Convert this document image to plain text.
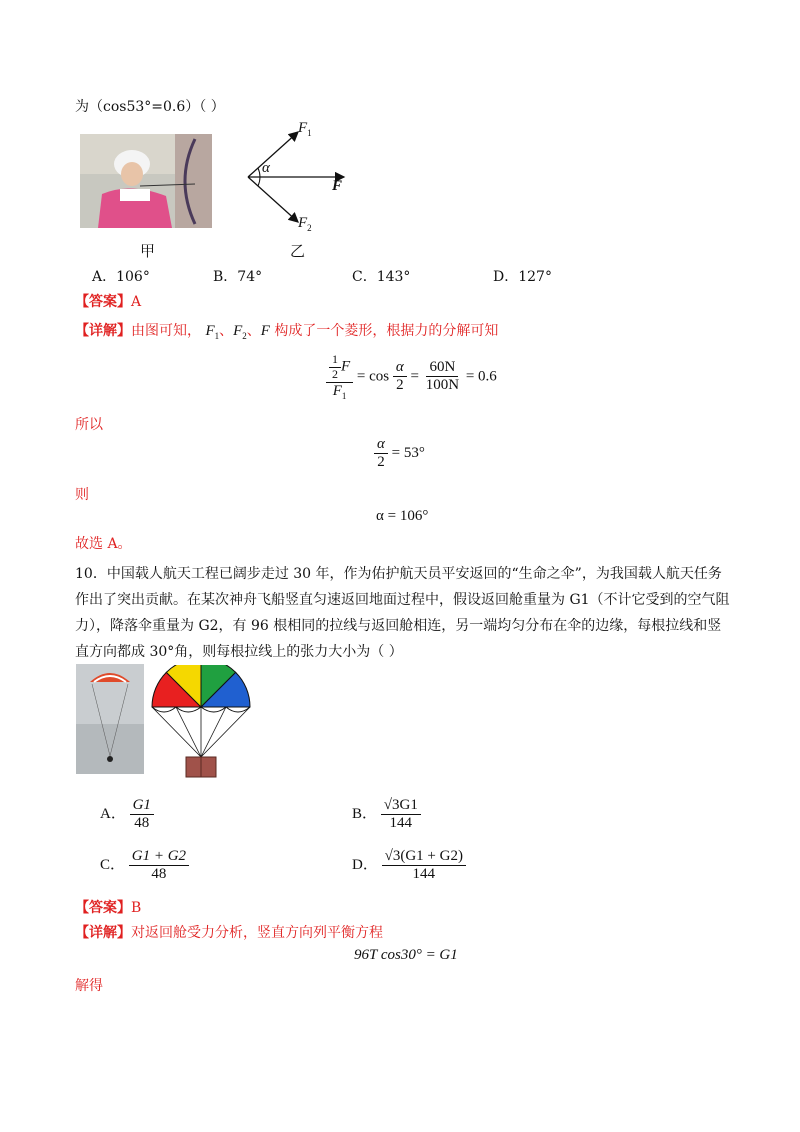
为（cos53°=0.6）（ ）
甲
$F_1$
α
F
$F_2$
乙
A．106°	B．74°	C．143°	D．127°
【答案】A
【详解】由图可知， $F_1$、$F_2$、F 构成了一个菱形，根据力的分解可知
$\frac{\frac{1}{2} F}{F_1} = \cos \frac{\alpha}{2} = \frac{60N}{100N} = 0.6$
所以
$\frac{\alpha}{2} = 53^\circ$
则
α = 106°
故选 A。
10．中国载人航天工程已阔步走过 30 年，作为佑护航天员平安返回的“生命之伞”，为我国载人航天任务作出了突出贡献。在某次神舟飞船竖直匀速返回地面过程中，假设返回舱重量为 G1（不计它受到的空气阻力），降落伞重量为 G2，有 96 根相同的拉线与返回舱相连，另一端均匀分布在伞的边缘，每根拉线和竖直方向都成 30°角，则每根拉线上的张力大小为（ ）
A． $\frac{G1}{48}$	B． $\frac{√3G1}{144}$
C． $\frac{G1 + G2}{48}$	D． $\frac{√3(G1 + G2)}{144}$
【答案】B
【详解】对返回舱受力分析，竖直方向列平衡方程
96T cos30° = G1
解得
